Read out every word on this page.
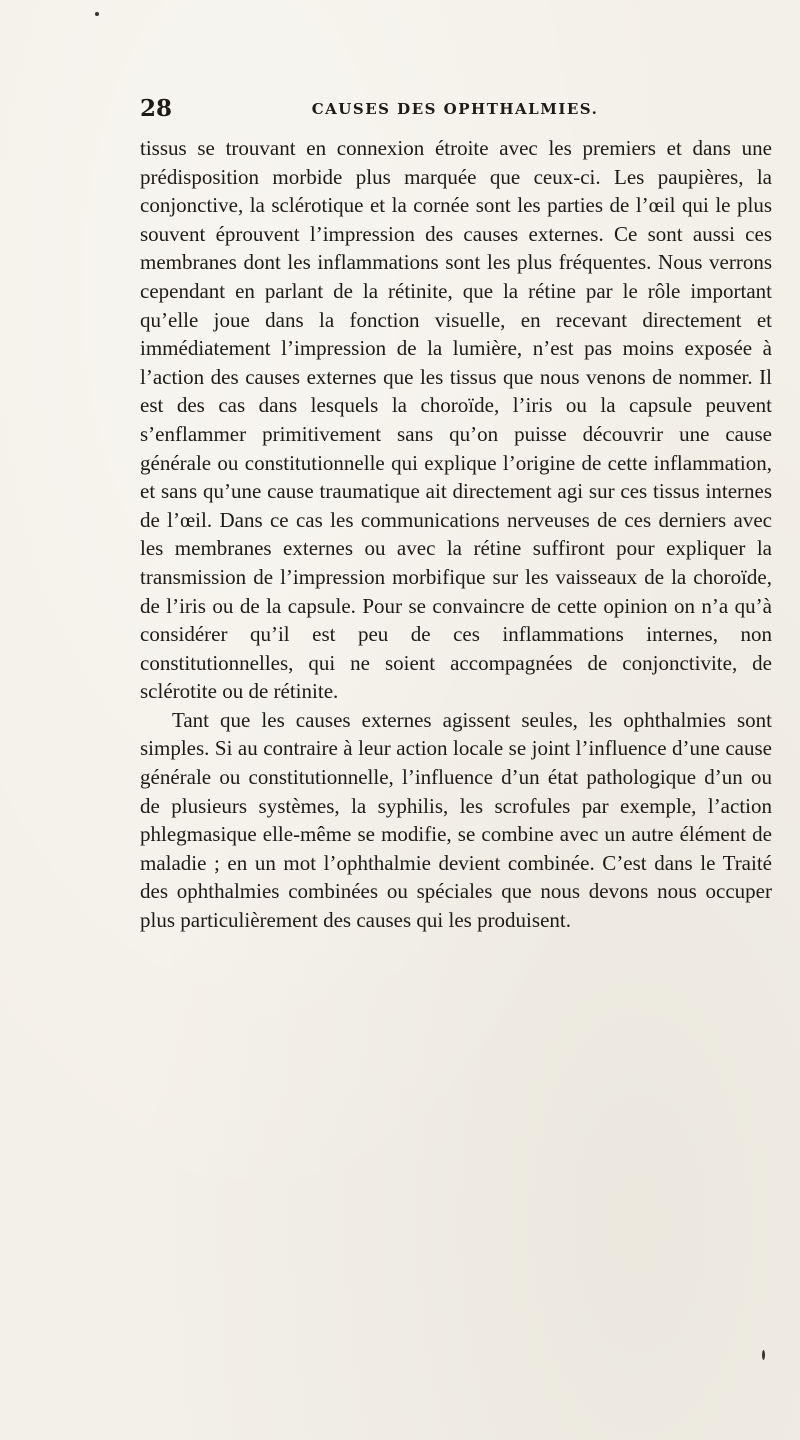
28	CAUSES DES OPHTHALMIES.

tissus se trouvant en connexion étroite avec les premiers et dans une prédisposition morbide plus marquée que ceux-ci. Les paupières, la conjonctive, la sclérotique et la cornée sont les parties de l’œil qui le plus souvent éprouvent l’impression des causes externes. Ce sont aussi ces membranes dont les inflammations sont les plus fréquentes. Nous verrons cependant en parlant de la rétinite, que la rétine par le rôle important qu’elle joue dans la fonction visuelle, en recevant directement et immédiatement l’impression de la lumière, n’est pas moins exposée à l’action des causes externes que les tissus que nous venons de nommer. Il est des cas dans lesquels la choroïde, l’iris ou la capsule peuvent s’enflammer primitivement sans qu’on puisse découvrir une cause générale ou constitutionnelle qui explique l’origine de cette inflammation, et sans qu’une cause traumatique ait directement agi sur ces tissus internes de l’œil. Dans ce cas les communications nerveuses de ces derniers avec les membranes externes ou avec la rétine suffiront pour expliquer la transmission de l’impression morbifique sur les vaisseaux de la choroïde, de l’iris ou de la capsule. Pour se convaincre de cette opinion on n’a qu’à considérer qu’il est peu de ces inflammations internes, non constitutionnelles, qui ne soient accompagnées de conjonctivite, de sclérotite ou de rétinite.

Tant que les causes externes agissent seules, les ophthalmies sont simples. Si au contraire à leur action locale se joint l’influence d’une cause générale ou constitutionnelle, l’influence d’un état pathologique d’un ou de plusieurs systèmes, la syphilis, les scrofules par exemple, l’action phlegmasique elle-même se modifie, se combine avec un autre élément de maladie ; en un mot l’ophthalmie devient combinée. C’est dans le Traité des ophthalmies combinées ou spéciales que nous devons nous occuper plus particulièrement des causes qui les produisent.
